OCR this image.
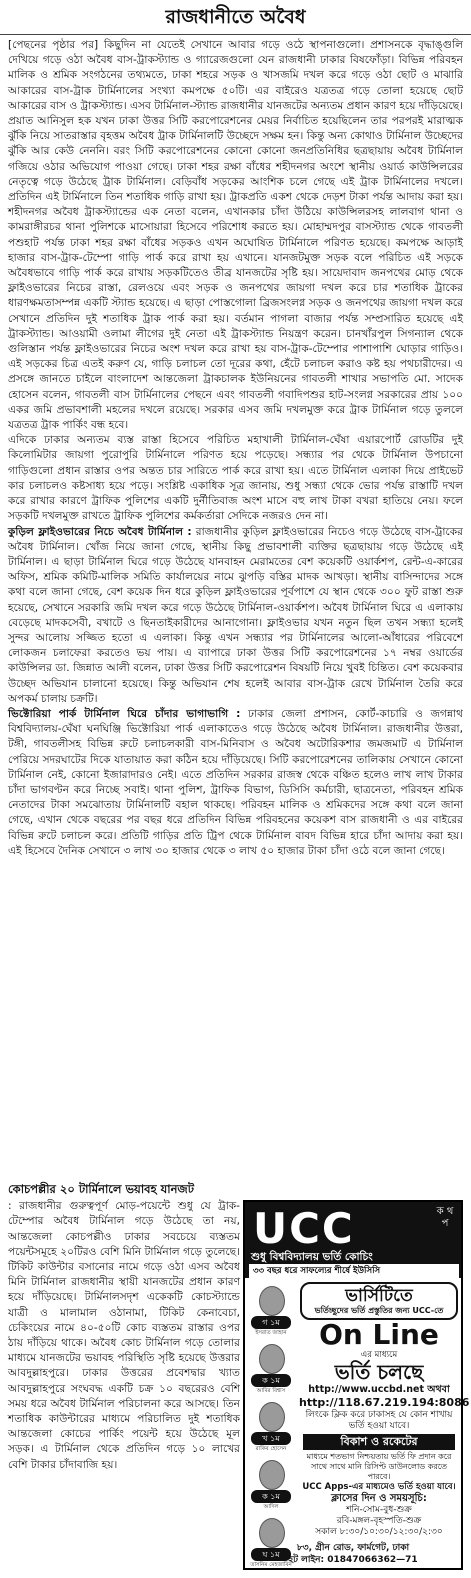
রাজধানীতে অবৈধ

[পেছনের পৃষ্ঠার পর] কিছুদিন না যেতেই সেখানে আবার গড়ে ওঠে স্থাপনাগুলো। প্রশাসনকে বৃদ্ধাঙ্গুলি দেখিয়ে গড়ে ওঠা অবৈধ বাস-ট্রাকস্ট্যান্ড ও গ্যারেজগুলো যেন রাজধানী ঢাকার বিষফোঁড়া। বিভিন্ন পরিবহন মালিক ও শ্রমিক সংগঠনের তথ্যমতে, ঢাকা শহরে সড়ক ও খাসজমি দখল করে গড়ে ওঠা ছোট ও মাঝারি আকারের বাস-ট্রাক টার্মিনালের সংখ্যা কমপক্ষে ৫০টি। এর বাইরেও যত্রতত্র গড়ে তোলা হয়েছে ছোট আকারের বাস ও ট্রাকস্ট্যান্ড। এসব টার্মিনাল-স্ট্যান্ড রাজধানীর যানজটের অন্যতম প্রধান কারণ হয়ে দাঁড়িয়েছে। প্রয়াত আনিসুল হক যখন ঢাকা উত্তর সিটি করপোরেশনের মেয়র নির্বাচিত হয়েছিলেন তার পরপরই মারাত্মক ঝুঁকি নিয়ে সাতরাস্তার বৃহত্তম অবৈধ ট্রাক টার্মিনালটি উচ্ছেদে সক্ষম হন। কিন্তু অন্য কোথাও টার্মিনাল উচ্ছেদের ঝুঁকি আর কেউ নেননি। বরং সিটি করপোরেশনের কোনো কোনো জনপ্রতিনিধির ছত্রছায়ায় অবৈধ টার্মিনাল গজিয়ে ওঠার অভিযোগ পাওয়া গেছে। ঢাকা শহর রক্ষা বাঁধের শহীদনগর অংশে স্থানীয় ওয়ার্ড কাউন্সিলরের নেতৃত্বে গড়ে উঠেছে ট্রাক টার্মিনাল। বেড়িবাঁধ সড়কের আংশিক চলে গেছে এই ট্রাক টার্মিনালের দখলে। প্রতিদিন এই টার্মিনালে তিন শতাধিক গাড়ি রাখা হয়। ট্রাকপ্রতি একশ থেকে দেড়শ টাকা পর্যন্ত আদায় করা হয়। শহীদনগর অবৈধ ট্রাকস্ট্যান্ডের এক নেতা বলেন, এখানকার চাঁদা উঠিয়ে কাউন্সিলরসহ লালবাগ থানা ও কামরাঙ্গীরচর থানা পুলিশকে মাসোয়ারা হিসেবে পরিশোধ করতে হয়। মোহাম্মদপুর বাসস্ট্যান্ড থেকে গাবতলী পশুহাট পর্যন্ত ঢাকা শহর রক্ষা বাঁধের সড়কও এখন অঘোষিত টার্মিনালে পরিণত হয়েছে। কমপক্ষে আড়াই হাজার বাস-ট্রাক-টেম্পো গাড়ি পার্ক করে রাখা হয় এখানে। যানজটমুক্ত সড়ক বলে পরিচিত এই সড়কে অবৈধভাবে গাড়ি পার্ক করে রাখায় সড়কটিতেও তীব্র যানজটের সৃষ্টি হয়। সায়েদাবাদ জনপথের মোড় থেকে ফ্লাইওভারের নিচের রাস্তা, রেলওয়ে এবং সড়ক ও জনপথের জায়গা দখল করে চার শতাধিক ট্রাকের ধারণক্ষমতাসম্পন্ন একটি স্ট্যান্ড হয়েছে। এ ছাড়া পোস্তগোলা ব্রিজসংলগ্ন সড়ক ও জনপথের জায়গা দখল করে সেখানে প্রতিদিন দুই শতাধিক ট্রাক পার্ক করা হয়। বর্তমান পাগলা বাজার পর্যন্ত সম্প্রসারিত হয়েছে এই ট্রাকস্ট্যান্ড। আওয়ামী ওলামা লীগের দুই নেতা এই ট্রাকস্ট্যান্ড নিয়ন্ত্রণ করেন। চানখাঁরপুল সিগন্যাল থেকে গুলিস্তান পর্যন্ত ফ্লাইওভারের নিচের অংশ দখল করে রাখা হয় বাস-ট্রাক-টেম্পোর পাশাপাশি ঘোড়ার গাড়িও। এই সড়কের চিত্র এতই করুণ যে, গাড়ি চলাচল তো দূরের কথা, হেঁটে চলাচল করাও কষ্ট হয় পথচারীদের। এ প্রসঙ্গে জানতে চাইলে বাংলাদেশ আন্তজেলা ট্রাকচালক ইউনিয়নের গাবতলী শাখার সভাপতি মো. সাদেক হোসেন বলেন, গাবতলী বাস টার্মিনালের পেছনে এবং গাবতলী গবাদিপশুর হাট-সংলগ্ন সরকারের প্রায় ১০০ একর জমি প্রভাবশালী মহলের দখলে রয়েছে। সরকার এসব জমি দখলমুক্ত করে ট্রাক টার্মিনাল গড়ে তুললে যত্রতত্র ট্রাক পার্কিং বন্ধ হবে।

এদিকে ঢাকার অন্যতম ব্যস্ত রাস্তা হিসেবে পরিচিত মহাখালী টার্মিনাল-ঘেঁষা এয়ারপোর্ট রোডটির দুই কিলোমিটার জায়গা পুরোপুরি টার্মিনালে পরিণত হয়ে পড়েছে। সন্ধ্যার পর থেকে টার্মিনাল উপচানো গাড়িগুলো প্রধান রাস্তার ওপর অন্তত চার সারিতে পার্ক করে রাখা হয়। এতে টার্মিনাল এলাকা দিয়ে প্রাইভেট কার চলাচলও কষ্টসাধ্য হয়ে পড়ে। সংশ্লিষ্ট একাধিক সূত্র জানায়, শুধু সন্ধ্যা থেকে ভোর পর্যন্ত রাস্তাটি দখল করে রাখার কারণে ট্রাফিক পুলিশের একটি দুর্নীতিবাজ অংশ মাসে বহু লাখ টাকা বখরা হাতিয়ে নেয়। ফলে সড়কটি দখলমুক্ত রাখতে ট্রাফিক পুলিশের কর্মকর্তারা সেদিকে নজরও দেন না।

কুড়িল ফ্লাইওভারের নিচে অবৈধ টার্মিনাল : রাজধানীর কুড়িল ফ্লাইওভারের নিচেও গড়ে উঠেছে বাস-ট্রাকের অবৈধ টার্মিনাল। খোঁজ নিয়ে জানা গেছে, স্থানীয় কিছু প্রভাবশালী ব্যক্তির ছত্রছায়ায় গড়ে উঠেছে এই টার্মিনাল। এ ছাড়া টার্মিনাল ঘিরে গড়ে উঠেছে যানবাহন মেরামতের বেশ কয়েকটি ওয়ার্কশপ, রেন্ট-এ-কারের অফিস, শ্রমিক কমিটি-মালিক সমিতি কার্যালয়ের নামে ঝুপড়ি বস্তির মাদক আখড়া। স্থানীয় বাসিন্দাদের সঙ্গে কথা বলে জানা গেছে, বেশ কয়েক দিন ধরে কুড়িল ফ্লাইওভারের পূর্বপাশে যে স্থান থেকে ৩০০ ফুট রাস্তা শুরু হয়েছে, সেখানে সরকারি জমি দখল করে গড়ে উঠেছে টার্মিনাল-ওয়ার্কশপ। অবৈধ টার্মিনাল ঘিরে এ এলাকায় বেড়েছে মাদকসেবী, বখাটে ও ছিনতাইকারীদের আনাগোনা। ফ্লাইওভার যখন নতুন ছিল তখন সন্ধ্যা হলেই সুন্দর আলোয় সজ্জিত হতো এ এলাকা। কিন্তু এখন সন্ধ্যার পর টার্মিনালের আলো-আঁধারের পরিবেশে লোকজন চলাফেরা করতেও ভয় পায়। এ ব্যাপারে ঢাকা উত্তর সিটি করপোরেশনের ১৭ নম্বর ওয়ার্ডের কাউন্সিলর ডা. জিন্নাত আলী বলেন, ঢাকা উত্তর সিটি করপোরেশন বিষয়টি নিয়ে খুবই চিন্তিত। বেশ কয়েকবার উচ্ছেদ অভিযান চালানো হয়েছে। কিন্তু অভিযান শেষ হলেই আবার বাস-ট্রাক রেখে টার্মিনাল তৈরি করে অপকর্ম চালায় চক্রটি।

ভিক্টোরিয়া পার্ক টার্মিনাল ঘিরে চাঁদার ভাগাভাগি : ঢাকার জেলা প্রশাসন, কোর্ট-কাচারি ও জগন্নাথ বিশ্ববিদ্যালয়-ঘেঁষা ঘনঘিঞ্জি ভিক্টোরিয়া পার্ক এলাকাতেও গড়ে উঠেছে অবৈধ টার্মিনাল। রাজধানীর উত্তরা, টঙ্গী, গাবতলীসহ বিভিন্ন রুটে চলাচলকারী বাস-মিনিবাস ও অবৈধ অটোরিকশার জমজমাট এ টার্মিনাল পেরিয়ে সদরঘাটের দিকে যাতায়াত করা কঠিন হয়ে দাঁড়িয়েছে। সিটি করপোরেশনের তালিকায় সেখানে কোনো টার্মিনাল নেই, কোনো ইজারাদারও নেই। এতে প্রতিদিন সরকার রাজস্ব থেকে বঞ্চিত হলেও লাখ লাখ টাকার চাঁদা ভাগবণ্টন করে নিচ্ছে সবাই। থানা পুলিশ, ট্রাফিক বিভাগ, ডিসিসি কর্মচারী, ছাত্রনেতা, পরিবহন শ্রমিক নেতাদের টাকা সমঝোতায় টার্মিনালটি বহাল থাকছে। পরিবহন মালিক ও শ্রমিকদের সঙ্গে কথা বলে জানা গেছে, এখান থেকে বছরের পর বছর ধরে প্রতিদিন বিভিন্ন পরিবহনের কয়েকশ বাস রাজধানী ও এর বাইরের বিভিন্ন রুটে চলাচল করে। প্রতিটি গাড়ির প্রতি ট্রিপ থেকে টার্মিনাল বাবদ বিভিন্ন হারে চাঁদা আদায় করা হয়। এই হিসেবে দৈনিক সেখানে ৩ লাখ ৩০ হাজার থেকে ৩ লাখ ৫০ হাজার টাকা চাঁদা ওঠে বলে জানা গেছে।

কোচপল্লীর ২০ টার্মিনালে ভয়াবহ যানজট
: রাজধানীর গুরুত্বপূর্ণ মোড়-পয়েন্টে শুধু যে ট্রাক-টেম্পোর অবৈধ টার্মিনাল গড়ে উঠেছে তা নয়, আন্তজেলা কোচপল্লীও ঢাকার সবচেয়ে ব্যস্ততম পয়েন্টসমূহে ২০টিরও বেশি মিনি টার্মিনাল গড়ে তুলেছে। টিকিট কাউন্টার বসানোর নামে গড়ে ওঠা এসব অবৈধ মিনি টার্মিনাল রাজধানীর স্থায়ী যানজটের প্রধান কারণ হয়ে দাঁড়িয়েছে। টার্মিনালসদৃশ একেকটি কোচস্ট্যান্ডে যাত্রী ও মালামাল ওঠানামা, টিকিট কেনাবেচা, চেকিংয়ের নামে ৪০-৫০টি কোচ ব্যস্ততম রাস্তার ওপর ঠায় দাঁড়িয়ে থাকে। অবৈধ কোচ টার্মিনাল গড়ে তোলার মাধ্যমে যানজটের ভয়াবহ পরিস্থিতি সৃষ্টি হয়েছে উত্তরার আবদুল্লাহপুরে। ঢাকার উত্তরের প্রবেশদ্বার খ্যাত আবদুল্লাহপুরে সংঘবদ্ধ একটি চক্র ১০ বছরেরও বেশি সময় ধরে অবৈধ টার্মিনাল পরিচালনা করে আসছে। তিন শতাধিক কাউন্টারের মাধ্যমে পরিচালিত দুই শতাধিক আন্তজেলা কোচের পার্কিং পয়েন্ট হয়ে উঠেছে মূল সড়ক। এ টার্মিনাল থেকে প্রতিদিন গড়ে ১০ লাখের বেশি টাকার চাঁদাবাজি হয়।
UCC	ক থ প
শুধু বিশ্ববিদ্যালয় ভর্তি কোচিং
৩৩ বছর ধরে সাফল্যের শীর্ষে ইউসিসি
গ ১ম
ইসরাত জাহান
ক ১ম
আবির বিশ্বাস
খ ১ম
রাকিব হোসেন
ক ১ম
আদিল
ঘ ১ম
তাসনিম মেহজাবিন
ভার্সিটিতে
ভর্তিচ্ছুদের ভর্তি প্রস্তুতির জন্য UCC-তে
On Line
এর মাধ্যমে
ভর্তি চলছে
http://www.uccbd.net অথবা
http://118.67.219.194:8086
লিংকে ক্লিক করে ঢাকাসহ যে কোন শাখায় ভর্তি হওয়া যাবে।
বিকাশ ও রকেটের
মাধ্যমে শতভাগ নিশ্চয়তায় ভর্তি ফি প্রদান করে সাথে সাথে মানি রিসিপ্ট ডাউনলোড করতে পারবে।
UCC Apps-এর মাধ্যমেও ভর্তি হওয়া যাবে।
ক্লাসের দিন ও সময়সূচি:
শনি-সোম-বুধ-শুক্র
রবি-মঙ্গল-বৃহস্পতি-শুক্র
সকাল ৮:৩০/১০:৩০/১২:৩০/২:৩০
৮৩, গ্রীন রোড, ফার্মগেট, ঢাকা
হট লাইন: 01847066362—71
